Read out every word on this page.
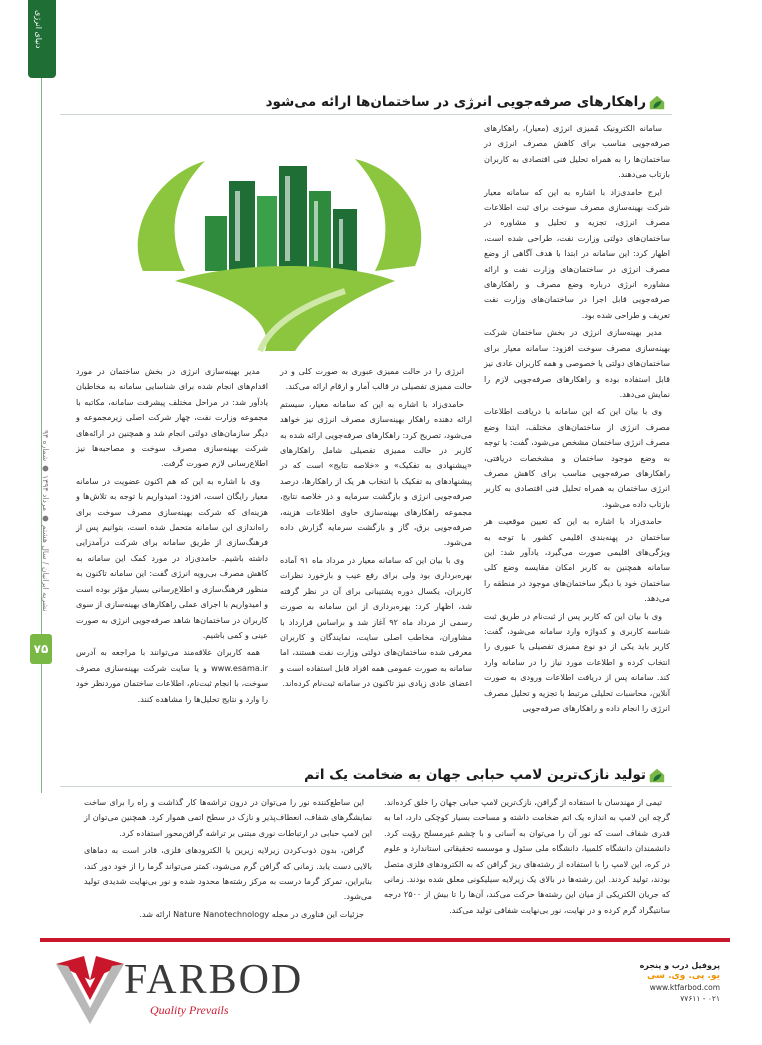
دنیای انرژی
نشریه ایرانیان / سال هشتم ● مرداد ۱۳۹۴ ● شماره ۹۴
۷۵
راهکارهای صرفه‌جویی انرژی در ساختمان‌ها ارائه می‌شود

سامانه الکترونیک مُمیزی انرژی (معیار)، راهکارهای صرفه‌جویی مناسب برای کاهش مصرف انرژی در ساختمان‌ها را به همراه تحلیل فنی اقتصادی به کاربران بازتاب می‌دهند.

ایرج حامدی‌زاد با اشاره به این که سامانه معیار شرکت بهینه‌سازی مصرف سوخت برای ثبت اطلاعات مصرف انرژی، تجزیه و تحلیل و مشاوره در ساختمان‌های دولتی وزارت نفت، طراحی شده است، اظهار کرد: این سامانه در ابتدا با هدف آگاهی از وضع مصرف انرژی در ساختمان‌های وزارت نفت و ارائه مشاوره انرژی درباره وضع مصرف و راهکارهای صرفه‌جویی قابل اجرا در ساختمان‌های وزارت نفت تعریف و طراحی شده بود.

مدیر بهینه‌سازی انرژی در بخش ساختمان شرکت بهینه‌سازی مصرف سوخت افزود: سامانه معیار برای ساختمان‌های دولتی یا خصوصی و همه کاربران عادی نیز قابل استفاده بوده و راهکارهای صرفه‌جویی لازم را نمایش می‌دهد.

وی با بیان این که این سامانه با دریافت اطلاعات مصرف انرژی از ساختمان‌های مختلف، ابتدا وضع مصرف انرژی ساختمان مشخص می‌شود، گفت: با توجه به وضع موجود ساختمان و مشخصات دریافتی، راهکارهای صرفه‌جویی مناسب برای کاهش مصرف انرژی ساختمان به همراه تحلیل فنی اقتصادی به کاربر بازتاب داده می‌شود.

حامدی‌زاد با اشاره به این که تعیین موقعیت هر ساختمان در پهنه‌بندی اقلیمی کشور با توجه به ویژگی‌های اقلیمی صورت می‌گیرد، یادآور شد: این سامانه همچنین به کاربر امکان مقایسه وضع کلی ساختمان خود با دیگر ساختمان‌های موجود در منطقه را می‌دهد.

وی با بیان این که کاربر پس از ثبت‌نام در طریق ثبت شناسه کاربری و کدواژه وارد سامانه می‌شود، گفت: کاربر باید یکی از دو نوع ممیزی تفصیلی یا عبوری را انتخاب کرده و اطلاعات مورد نیاز را در سامانه وارد کند. سامانه پس از دریافت اطلاعات ورودی به صورت آنلاین، محاسبات تحلیلی مرتبط با تجزیه و تحلیل مصرف انرژی را انجام داده و راهکارهای صرفه‌جویی

انرژی را در حالت ممیزی عبوری به صورت کلی و در حالت ممیزی تفصیلی در قالب آمار و ارقام ارائه می‌کند.

حامدی‌زاد با اشاره به این که سامانه معیار، سیستم ارائه دهنده راهکار بهینه‌سازی مصرف انرژی نیز خواهد می‌شود، تصریح کرد: راهکارهای صرفه‌جویی ارائه شده به کاربر در حالت ممیزی تفصیلی شامل راهکارهای «پیشنهادی به تفکیک» و «خلاصه نتایج» است که در پیشنهادهای به تفکیک با انتخاب هر یک از راهکارها، درصد صرفه‌جویی انرژی و بازگشت سرمایه و در خلاصه نتایج، مجموعه راهکارهای بهینه‌سازی حاوی اطلاعات هزینه، صرفه‌جویی برق، گاز و بازگشت سرمایه گزارش داده می‌شود.

وی با بیان این که سامانه معیار در مرداد ماه ۹۱ آماده بهره‌برداری بود ولی برای رفع عیب و بازخورد نظرات کاربران، یکسال دوره پشتیبانی برای آن در نظر گرفته شد، اظهار کرد: بهره‌برداری از این سامانه به صورت رسمی از مرداد ماه ۹۲ آغاز شد و براساس قرارداد با مشاوران، مخاطب اصلی سایت، نمایندگان و کاربران معرفی شده ساختمان‌های دولتی وزارت نفت هستند، اما سامانه به صورت عمومی همه افراد قابل استفاده است و اعضای عادی زیادی نیز تاکنون در سامانه ثبت‌نام کرده‌اند.

مدیر بهینه‌سازی انرژی در بخش ساختمان در مورد اقدام‌های انجام شده برای شناسایی سامانه به مخاطبان یادآور شد: در مراحل مختلف پیشرفت سامانه، مکاتبه با مجموعه وزارت نفت، چهار شرکت اصلی زیرمجموعه و دیگر سازمان‌های دولتی انجام شد و همچنین در ارائه‌های شرکت بهینه‌سازی مصرف سوخت و مصاحبه‌ها نیز اطلاع‌رسانی لازم صورت گرفت.

وی با اشاره به این که هم اکنون عضویت در سامانه معیار رایگان است، افزود: امیدواریم با توجه به تلاش‌ها و هزینه‌ای که شرکت بهینه‌سازی مصرف سوخت برای راه‌اندازی این سامانه متحمل شده است، بتوانیم پس از فرهنگ‌سازی از طریق سامانه برای شرکت درآمدزایی داشته باشیم. حامدی‌زاد در مورد کمک این سامانه به کاهش مصرف بی‌رویه انرژی گفت: این سامانه تاکنون به منظور فرهنگ‌سازی و اطلاع‌رسانی بسیار مؤثر بوده است و امیدواریم با اجرای عملی راهکارهای بهینه‌سازی از سوی کاربران در ساختمان‌ها شاهد صرفه‌جویی انرژی به صورت عینی و کمی باشیم.

همه کاربران علاقه‌مند می‌توانند با مراجعه به آدرس www.esama.ir و یا سایت شرکت بهینه‌سازی مصرف سوخت، با انجام ثبت‌نام، اطلاعات ساختمان موردنظر خود را وارد و نتایج تحلیل‌ها را مشاهده کنند.

تولید نازک‌ترین لامپ حبابی جهان به ضخامت یک اتم

تیمی از مهندسان با استفاده از گرافن، نازک‌ترین لامپ حبابی جهان را خلق کرده‌اند. گرچه این لامپ به اندازه یک اتم ضخامت داشته و مساحت بسیار کوچکی دارد، اما به قدری شفاف است که نور آن را می‌توان به آسانی و با چشم غیرمسلح رؤیت کرد. دانشمندان دانشگاه کلمبیا، دانشگاه ملی سئول و موسسه تحقیقاتی استاندارد و علوم در کره، این لامپ را با استفاده از رشته‌های ریز گرافن که به الکترودهای فلزی متصل بودند، تولید کردند. این رشته‌ها در بالای یک زیرلایه سیلیکونی معلق شده بودند. زمانی که جریان الکتریکی از میان این رشته‌ها حرکت می‌کند، آن‌ها را تا بیش از ۲۵۰۰ درجه سانتیگراد گرم کرده و در نهایت، نور بی‌نهایت شفافی تولید می‌کند.

این ساطع‌کننده نور را می‌توان در درون تراشه‌ها کار گذاشت و راه را برای ساخت نمایشگرهای شفاف، انعطاف‌پذیر و نازک در سطح اتمی هموار کرد. همچنین می‌توان از این لامپ حبابی در ارتباطات نوری مبتنی بر تراشه گرافن‌محور استفاده کرد.

گرافن، بدون ذوب‌کردن زیرلایه زیرین یا الکترودهای فلزی، قادر است به دماهای بالایی دست یابد. زمانی که گرافن گرم می‌شود، کمتر می‌تواند گرما را از خود دور کند، بنابراین، تمرکز گرما درست به مرکز رشته‌ها محدود شده و نور بی‌نهایت شدیدی تولید می‌شود.

جزئیات این فناوری در مجله Nature Nanotechnology ارائه شد.

FARBOD
Quality Prevails
پروفیل درب و پنجره
یو. پی. وی. سی
www.ktfarbod.com
۰۲۱ - ۷۷۶۱۱
